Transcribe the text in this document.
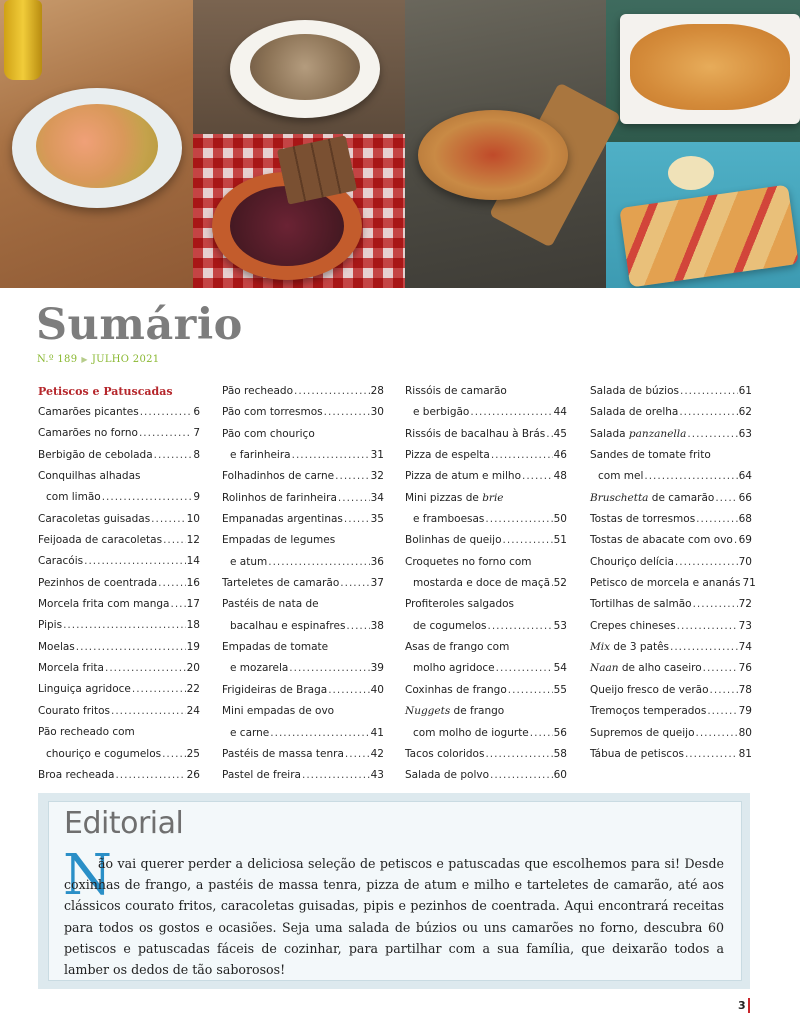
Sumário
N.º 189 ▶ JULHO 2021
Petiscos e Patuscadas
Camarões picantes .....	6
Camarões no forno .....	7
Berbigão de cebolada .....	8
Conquilhas alhadas
com limão .....	9
Caracoletas guisadas .....	10
Feijoada de caracoletas ..... 12
Caracóis .....	14
Pezinhos de coentrada .....	16
Morcela frita com manga ..... 17
Pipis .....	18
Moelas .....	19
Morcela frita .....	20
Linguiça agridoce .....	22
Courato fritos .....	24
Pão recheado com
chouriço e cogumelos ..... 25
Broa recheada .....	26
Pão recheado .....	28
Pão com torresmos .....	30
Pão com chouriço
e farinheira .....	31
Folhadinhos de carne .....	32
Rolinhos de farinheira .....	34
Empanadas argentinas .....	35
Empadas de legumes
e atum .....	36
Tarteletes de camarão .....	37
Pastéis de nata de
bacalhau e espinafres ..... 38
Empadas de tomate
e mozarela .....	39
Frigideiras de Braga .....	40
Mini empadas de ovo
e carne .....	41
Pastéis de massa tenra .....	42
Pastel de freira .....	43
Rissóis de camarão
e berbigão .....	44
Rissóis de bacalhau à Brás ..... 45
Pizza de espelta .....	46
Pizza de atum e milho .....	48
Mini pizzas de brie
e framboesas .....	50
Bolinhas de queijo .....	51
Croquetes no forno com
mostarda e doce de maçã ..... 52
Profiteroles salgados
de cogumelos .....	53
Asas de frango com
molho agridoce .....	54
Coxinhas de frango .....	55
Nuggets de frango
com molho de iogurte ..... 56
Tacos coloridos .....	58
Salada de polvo .....	60
Salada de búzios .....	61
Salada de orelha .....	62
Salada panzanella .....	63
Sandes de tomate frito
com mel .....	64
Bruschetta de camarão ..... 66
Tostas de torresmos .....	68
Tostas de abacate com ovo ..... 69
Chouriço delícia .....	70
Petisco de morcela e ananás 71
Tortilhas de salmão .....	72
Crepes chineses .....	73
Mix de 3 patês .....	74
Naan de alho caseiro .....	76
Queijo fresco de verão .....	78
Tremoços temperados .....	79
Supremos de queijo .....	80
Tábua de petiscos .....	81
Editorial
N

ão vai querer perder a deliciosa seleção de petiscos e patuscadas que escolhemos para si! Desde coxinhas de frango, a pastéis de massa tenra, pizza de atum e milho e tarteletes de camarão, até aos clássicos courato fritos, caracoletas guisadas, pipis e pezinhos de coentrada. Aqui encontrará receitas para todos os gostos e ocasiões. Seja uma salada de búzios ou uns camarões no forno, descubra 60 petiscos e patuscadas fáceis de cozinhar, para partilhar com a sua família, que deixarão todos a lamber os dedos de tão saborosos!

3
